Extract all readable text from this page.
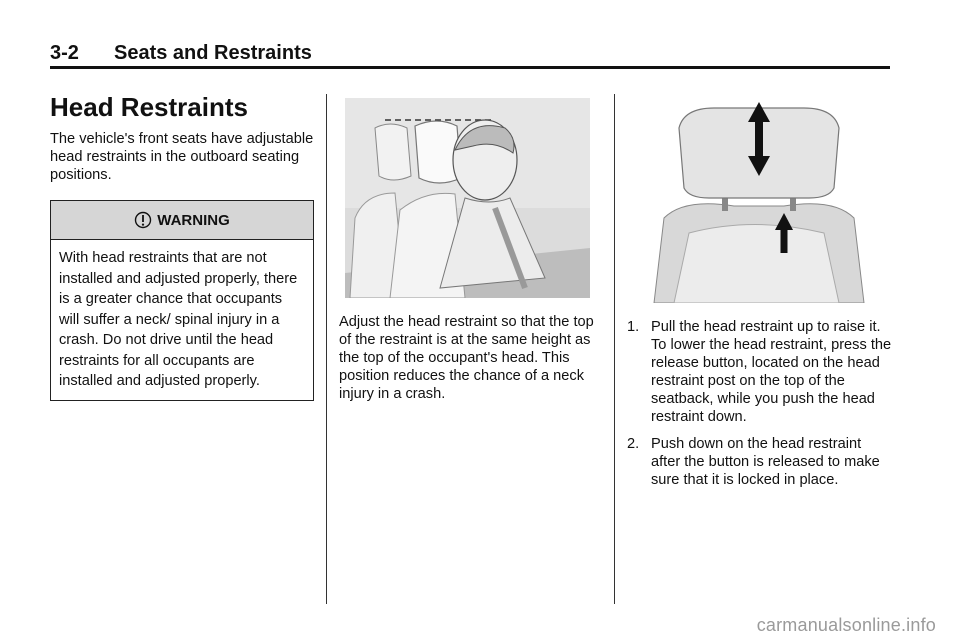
3-2 Seats and Restraints
Head Restraints

The vehicle's front seats have adjustable head restraints in the outboard seating positions.

WARNING
With head restraints that are not installed and adjusted properly, there is a greater chance that occupants will suffer a neck/ spinal injury in a crash. Do not drive until the head restraints for all occupants are installed and adjusted properly.
Adjust the head restraint so that the top of the restraint is at the same height as the top of the occupant's head. This position reduces the chance of a neck injury in a crash.
1. Pull the head restraint up to raise it. To lower the head restraint, press the release button, located on the head restraint post on the top of the seatback, while you push the head restraint down.
2. Push down on the head restraint after the button is released to make sure that it is locked in place.
carmanualsonline.info
